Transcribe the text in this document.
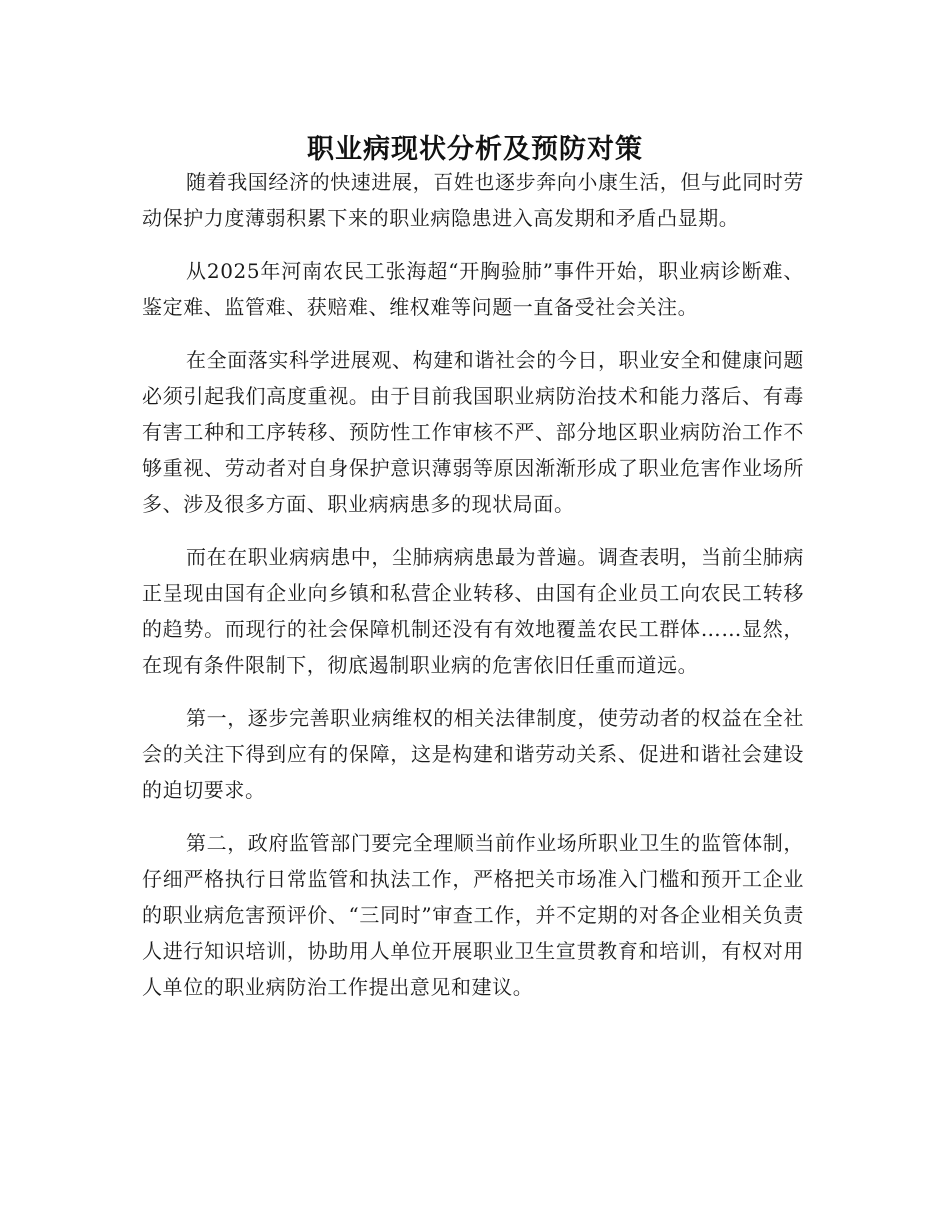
职业病现状分析及预防对策

随着我国经济的快速进展，百姓也逐步奔向小康生活，但与此同时劳动保护力度薄弱积累下来的职业病隐患进入高发期和矛盾凸显期。

从2025年河南农民工张海超“开胸验肺”事件开始，职业病诊断难、鉴定难、监管难、获赔难、维权难等问题一直备受社会关注。

在全面落实科学进展观、构建和谐社会的今日，职业安全和健康问题必须引起我们高度重视。由于目前我国职业病防治技术和能力落后、有毒有害工种和工序转移、预防性工作审核不严、部分地区职业病防治工作不够重视、劳动者对自身保护意识薄弱等原因渐渐形成了职业危害作业场所多、涉及很多方面、职业病病患多的现状局面。

而在在职业病病患中，尘肺病病患最为普遍。调查表明，当前尘肺病正呈现由国有企业向乡镇和私营企业转移、由国有企业员工向农民工转移的趋势。而现行的社会保障机制还没有有效地覆盖农民工群体……显然，在现有条件限制下，彻底遏制职业病的危害依旧任重而道远。

第一，逐步完善职业病维权的相关法律制度，使劳动者的权益在全社会的关注下得到应有的保障，这是构建和谐劳动关系、促进和谐社会建设的迫切要求。

第二，政府监管部门要完全理顺当前作业场所职业卫生的监管体制，仔细严格执行日常监管和执法工作，严格把关市场准入门槛和预开工企业的职业病危害预评价、“三同时”审查工作，并不定期的对各企业相关负责人进行知识培训，协助用人单位开展职业卫生宣贯教育和培训，有权对用人单位的职业病防治工作提出意见和建议。
